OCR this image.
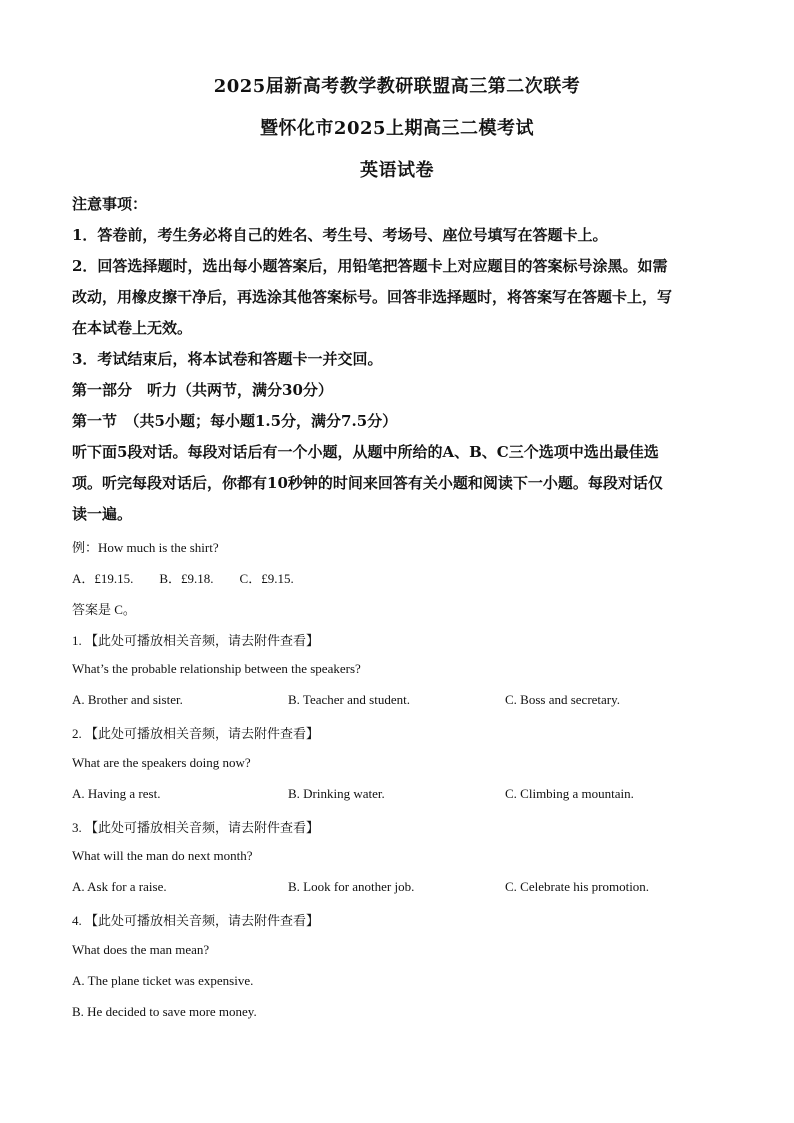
2025届新高考教学教研联盟高三第二次联考
暨怀化市2025上期高三二模考试
英语试卷
注意事项：
1．答卷前，考生务必将自己的姓名、考生号、考场号、座位号填写在答题卡上。
2．回答选择题时，选出每小题答案后，用铅笔把答题卡上对应题目的答案标号涂黑。如需
改动，用橡皮擦干净后，再选涂其他答案标号。回答非选择题时，将答案写在答题卡上，写
在本试卷上无效。
3．考试结束后，将本试卷和答题卡一并交回。
第一部分　听力（共两节，满分30分）
第一节　（共5小题；每小题1.5分，满分7.5分）
听下面5段对话。每段对话后有一个小题，从题中所给的A、B、C三个选项中选出最佳选
项。听完每段对话后，你都有10秒钟的时间来回答有关小题和阅读下一小题。每段对话仅
读一遍。
例：How much is the shirt?
A．£19.15.　　B．£9.18.　　C．£9.15.
答案是 C。
1. 【此处可播放相关音频，请去附件查看】
What’s the probable relationship between the speakers?
A. Brother and sister.	B. Teacher and student.	C. Boss and secretary.
2. 【此处可播放相关音频，请去附件查看】
What are the speakers doing now?
A. Having a rest.	B. Drinking water.	C. Climbing a mountain.
3. 【此处可播放相关音频，请去附件查看】
What will the man do next month?
A. Ask for a raise.	B. Look for another job.	C. Celebrate his promotion.
4. 【此处可播放相关音频，请去附件查看】
What does the man mean?
A. The plane ticket was expensive.
B. He decided to save more money.
